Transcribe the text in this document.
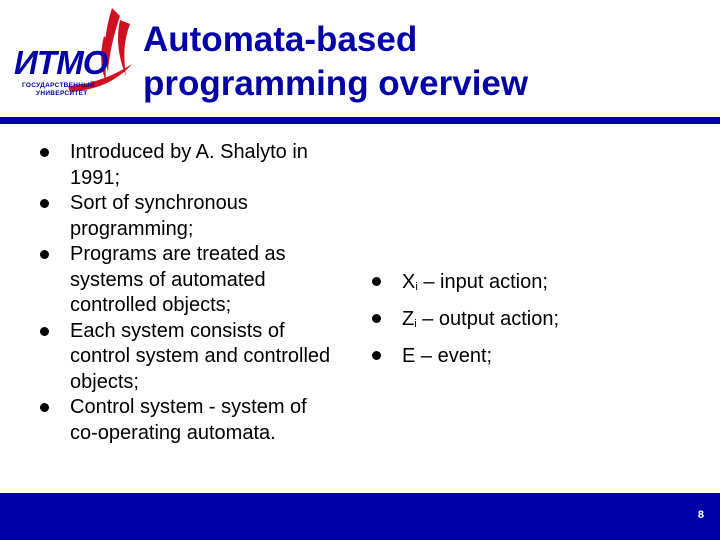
ИТМО
ГОСУДАРСТВЕННЫЙ
УНИВЕРСИТЕТ
Automata-based
programming overview
Introduced by A. Shalyto in 1991;
Sort of synchronous programming;
Programs are treated as systems of automated controlled objects;
Each system consists of control system and controlled objects;
Control system - system of co-operating automata.
$X_i$ – input action;
$Z_i$ – output action;
E – event;
8
